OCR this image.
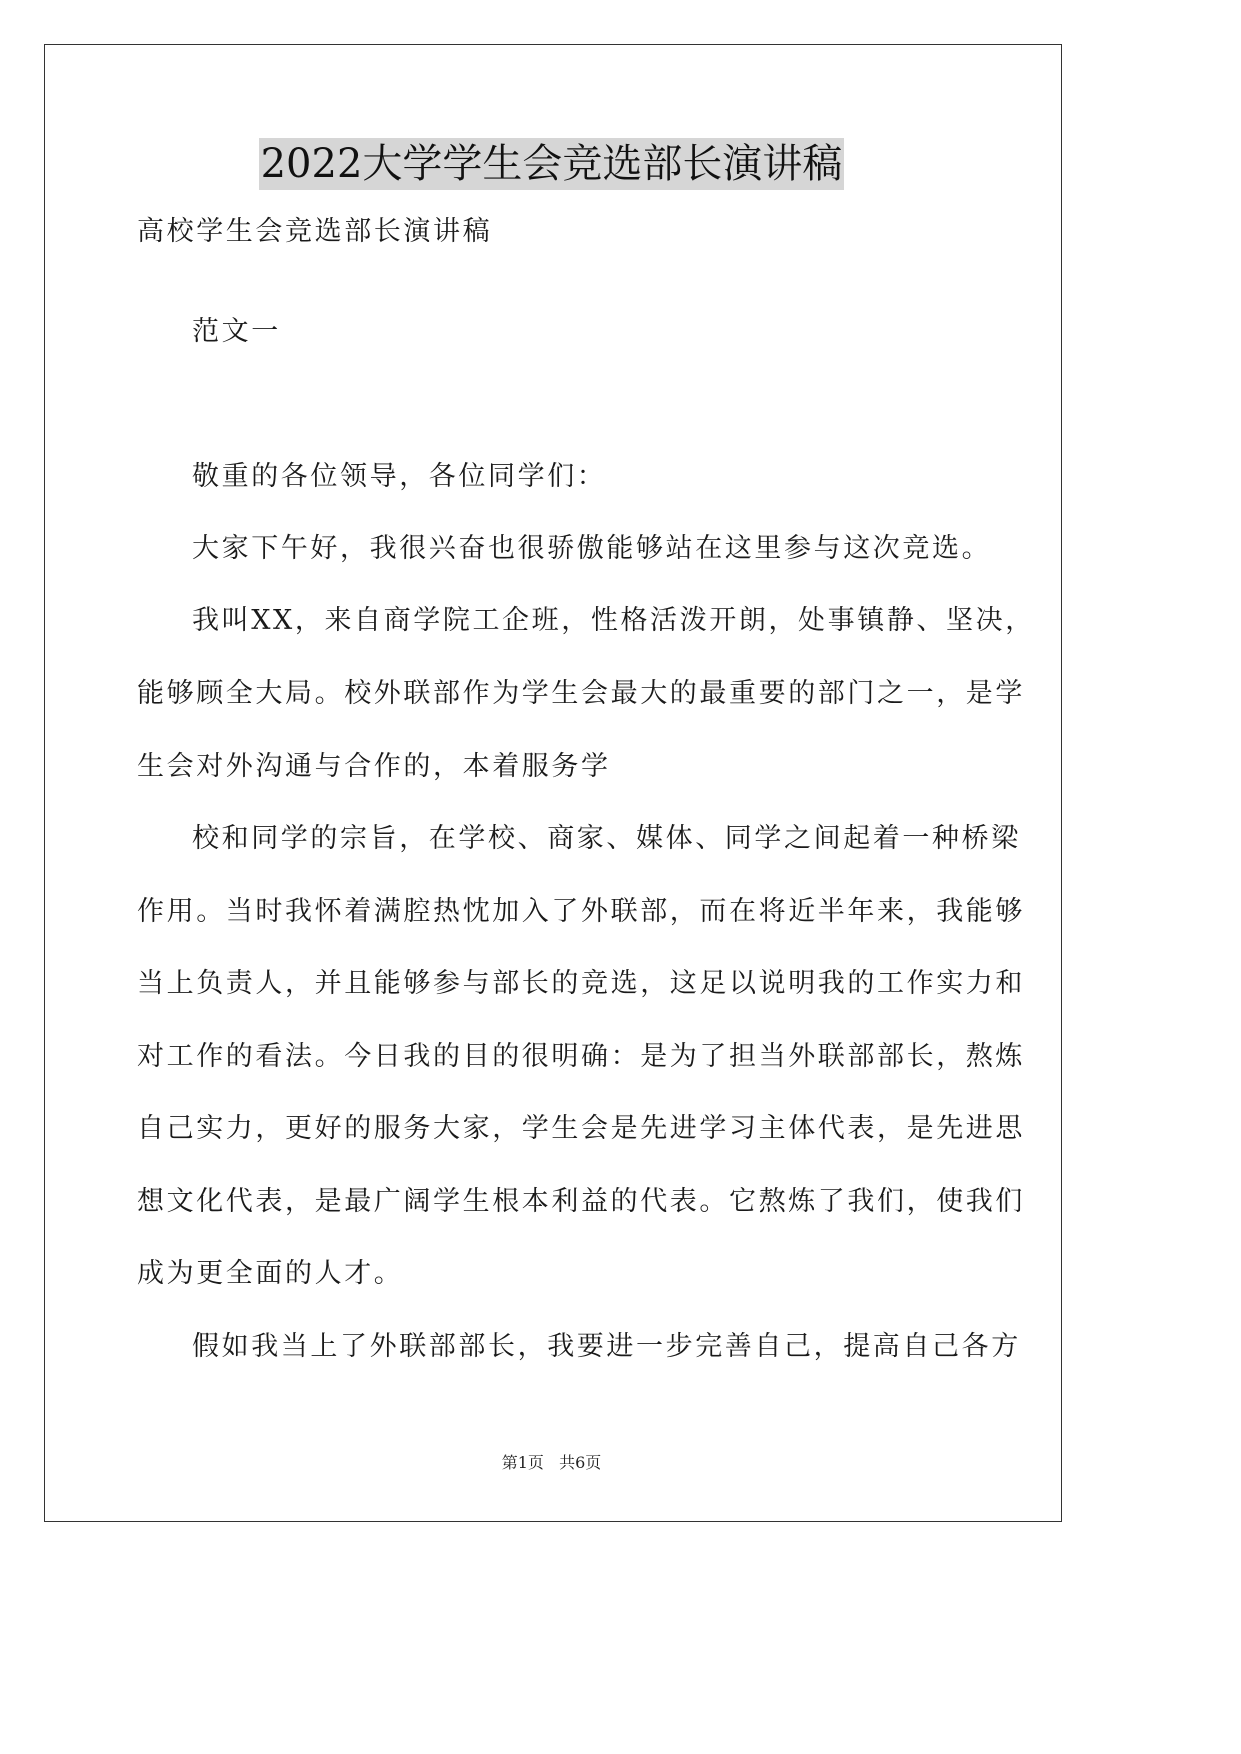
2022大学学生会竞选部长演讲稿
高校学生会竞选部长演讲稿
范文一
敬重的各位领导，各位同学们：
大家下午好，我很兴奋也很骄傲能够站在这里参与这次竞选。
我叫XX，来自商学院工企班，性格活泼开朗，处事镇静、坚决，
能够顾全大局。校外联部作为学生会最大的最重要的部门之一，是学
生会对外沟通与合作的，本着服务学
校和同学的宗旨，在学校、商家、媒体、同学之间起着一种桥梁
作用。当时我怀着满腔热忱加入了外联部，而在将近半年来，我能够
当上负责人，并且能够参与部长的竞选，这足以说明我的工作实力和
对工作的看法。今日我的目的很明确：是为了担当外联部部长，熬炼
自己实力，更好的服务大家，学生会是先进学习主体代表，是先进思
想文化代表，是最广阔学生根本利益的代表。它熬炼了我们，使我们
成为更全面的人才。
假如我当上了外联部部长，我要进一步完善自己，提高自己各方
第1页   共6页
